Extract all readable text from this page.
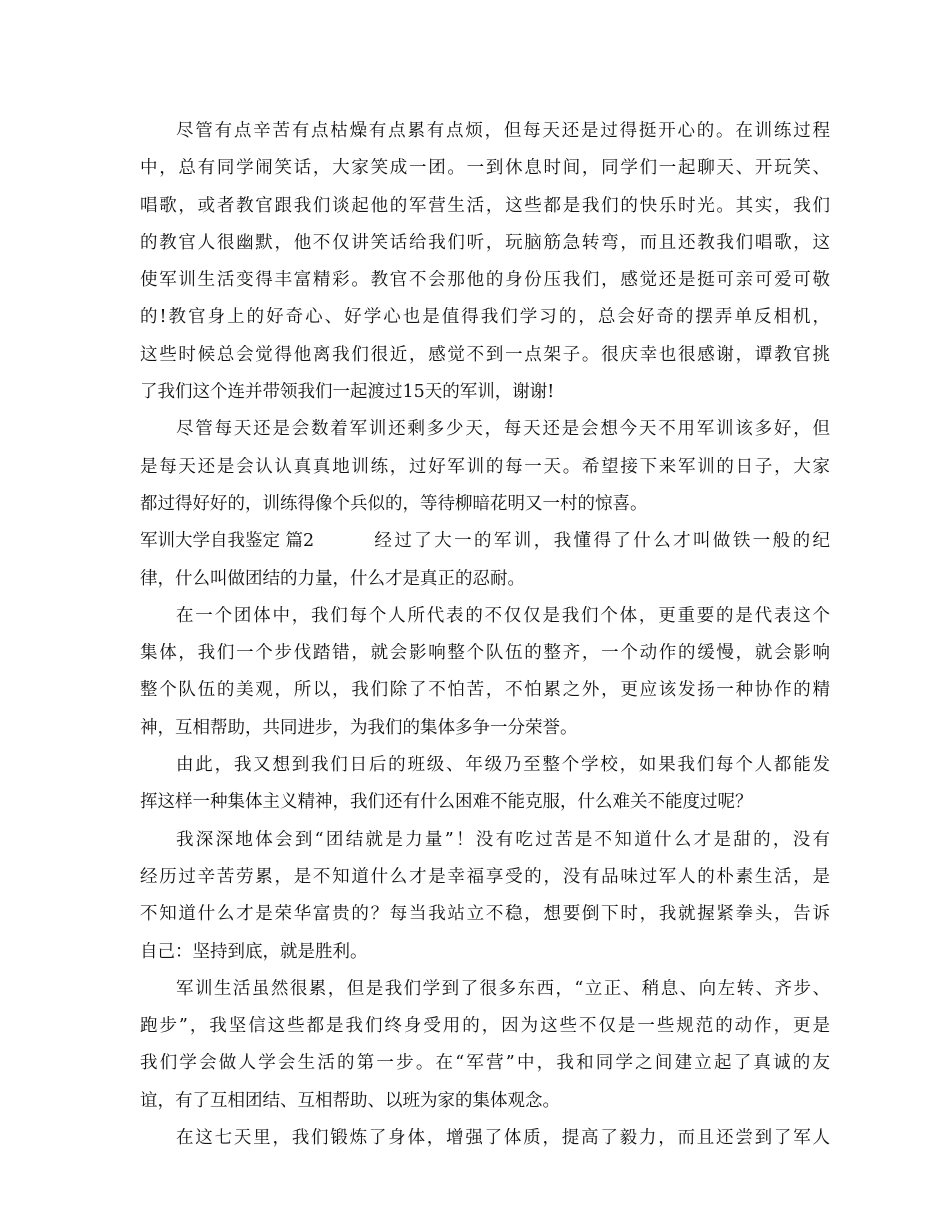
尽管有点辛苦有点枯燥有点累有点烦，但每天还是过得挺开心的。在训练过程
中，总有同学闹笑话，大家笑成一团。一到休息时间，同学们一起聊天、开玩笑、
唱歌，或者教官跟我们谈起他的军营生活，这些都是我们的快乐时光。其实，我们
的教官人很幽默，他不仅讲笑话给我们听，玩脑筋急转弯，而且还教我们唱歌，这
使军训生活变得丰富精彩。教官不会那他的身份压我们，感觉还是挺可亲可爱可敬
的!教官身上的好奇心、好学心也是值得我们学习的，总会好奇的摆弄单反相机，
这些时候总会觉得他离我们很近，感觉不到一点架子。很庆幸也很感谢，谭教官挑
了我们这个连并带领我们一起渡过15天的军训，谢谢!
尽管每天还是会数着军训还剩多少天，每天还是会想今天不用军训该多好，但
是每天还是会认认真真地训练，过好军训的每一天。希望接下来军训的日子，大家
都过得好好的，训练得像个兵似的，等待柳暗花明又一村的惊喜。
军训大学自我鉴定 篇2	经过了大一的军训，我懂得了什么才叫做铁一般的纪
律，什么叫做团结的力量，什么才是真正的忍耐。
在一个团体中，我们每个人所代表的不仅仅是我们个体，更重要的是代表这个
集体，我们一个步伐踏错，就会影响整个队伍的整齐，一个动作的缓慢，就会影响
整个队伍的美观，所以，我们除了不怕苦，不怕累之外，更应该发扬一种协作的精
神，互相帮助，共同进步，为我们的集体多争一分荣誉。
由此，我又想到我们日后的班级、年级乃至整个学校，如果我们每个人都能发
挥这样一种集体主义精神，我们还有什么困难不能克服，什么难关不能度过呢？
我深深地体会到“团结就是力量”！没有吃过苦是不知道什么才是甜的，没有
经历过辛苦劳累，是不知道什么才是幸福享受的，没有品味过军人的朴素生活，是
不知道什么才是荣华富贵的？每当我站立不稳，想要倒下时，我就握紧拳头，告诉
自己：坚持到底，就是胜利。
军训生活虽然很累，但是我们学到了很多东西，“立正、稍息、向左转、齐步、
跑步”，我坚信这些都是我们终身受用的，因为这些不仅是一些规范的动作，更是
我们学会做人学会生活的第一步。在“军营”中，我和同学之间建立起了真诚的友
谊，有了互相团结、互相帮助、以班为家的集体观念。
在这七天里，我们锻炼了身体，增强了体质，提高了毅力，而且还尝到了军人
